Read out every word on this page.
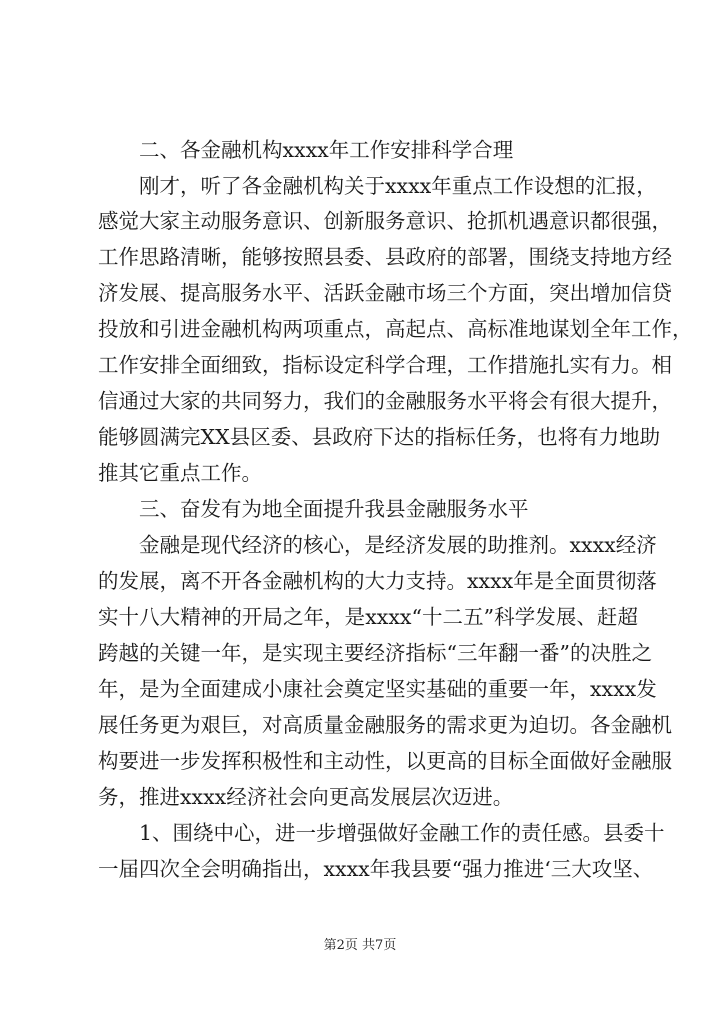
二、各金融机构xxxx年工作安排科学合理
刚才，听了各金融机构关于xxxx年重点工作设想的汇报，
感觉大家主动服务意识、创新服务意识、抢抓机遇意识都很强，
工作思路清晰，能够按照县委、县政府的部署，围绕支持地方经
济发展、提高服务水平、活跃金融市场三个方面，突出增加信贷
投放和引进金融机构两项重点，高起点、高标准地谋划全年工作，
工作安排全面细致，指标设定科学合理，工作措施扎实有力。相
信通过大家的共同努力，我们的金融服务水平将会有很大提升，
能够圆满完XX县区委、县政府下达的指标任务，也将有力地助
推其它重点工作。
三、奋发有为地全面提升我县金融服务水平
金融是现代经济的核心，是经济发展的助推剂。xxxx经济
的发展，离不开各金融机构的大力支持。xxxx年是全面贯彻落
实十八大精神的开局之年，是xxxx“十二五”科学发展、赶超
跨越的关键一年，是实现主要经济指标“三年翻一番”的决胜之
年，是为全面建成小康社会奠定坚实基础的重要一年，xxxx发
展任务更为艰巨，对高质量金融服务的需求更为迫切。各金融机
构要进一步发挥积极性和主动性，以更高的目标全面做好金融服
务，推进xxxx经济社会向更高发展层次迈进。
1、围绕中心，进一步增强做好金融工作的责任感。县委十
一届四次全会明确指出，xxxx年我县要“强力推进‘三大攻坚、
第2页 共7页
